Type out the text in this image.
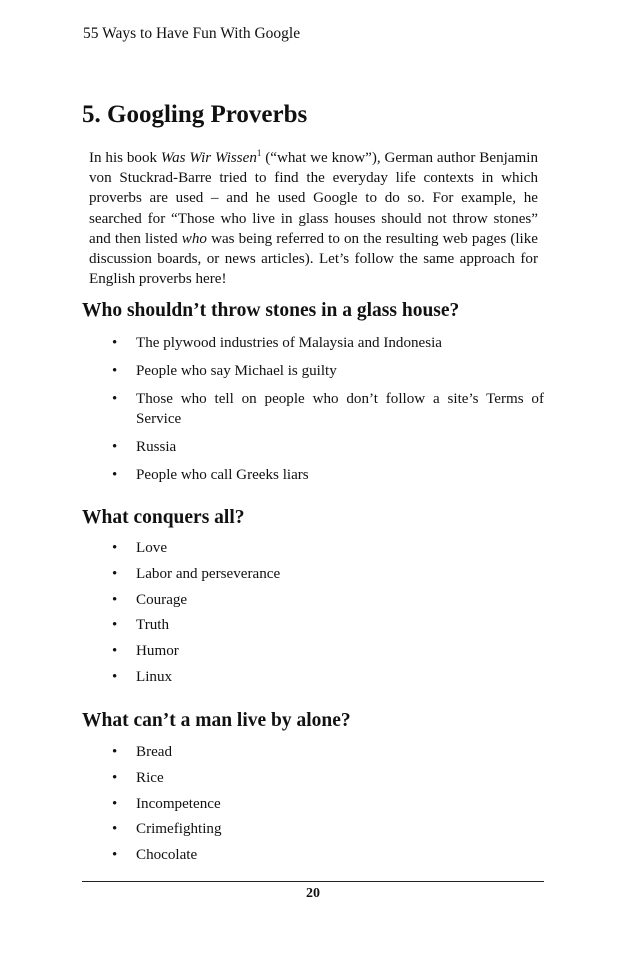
55 Ways to Have Fun With Google
5. Googling Proverbs

In his book Was Wir Wissen$^1$ (“what we know”), German author Benjamin von Stuckrad-Barre tried to find the everyday life contexts in which proverbs are used – and he used Google to do so. For example, he searched for “Those who live in glass houses should not throw stones” and then listed who was being referred to on the resulting web pages (like discussion boards, or news articles). Let’s follow the same approach for English proverbs here!

Who shouldn’t throw stones in a glass house?
• The plywood industries of Malaysia and Indonesia
• People who say Michael is guilty
• Those who tell on people who don’t follow a site’s Terms of Service
• Russia
• People who call Greeks liars
What conquers all?
• Love
• Labor and perseverance
• Courage
• Truth
• Humor
• Linux
What can’t a man live by alone?
• Bread
• Rice
• Incompetence
• Crimefighting
• Chocolate
20
